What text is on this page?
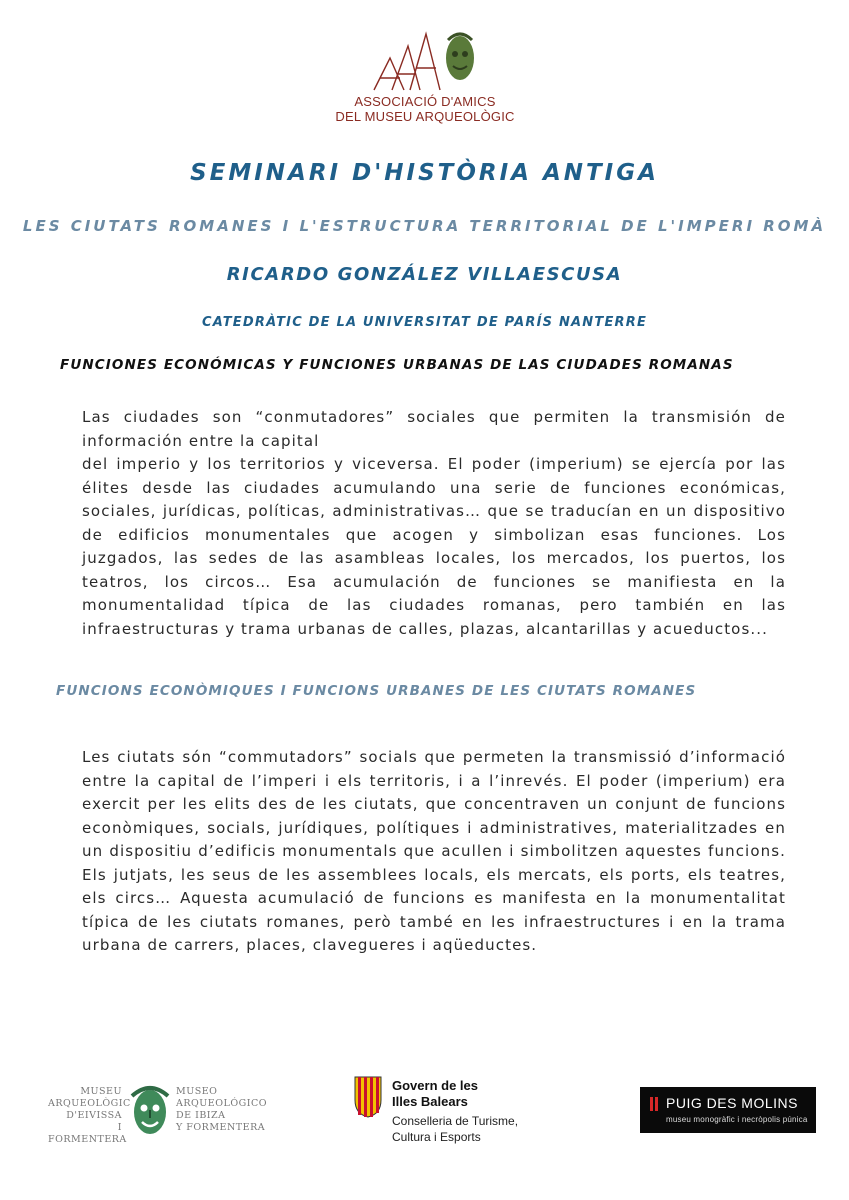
ASSOCIACIÓ D'AMICS
DEL MUSEU ARQUEOLÒGIC
SEMINARI D'HISTÒRIA ANTIGA
LES CIUTATS ROMANES I L'ESTRUCTURA TERRITORIAL DE L'IMPERI ROMÀ
RICARDO GONZÁLEZ VILLAESCUSA
CATEDRÀTIC DE LA UNIVERSITAT DE PARÍS NANTERRE
FUNCIONES ECONÓMICAS Y FUNCIONES URBANAS DE LAS CIUDADES ROMANAS
Las ciudades son “conmutadores” sociales que permiten la transmisión de información entre la capital
del imperio y los territorios y viceversa. El poder (imperium) se ejercía por las élites desde las ciudades acumulando una serie de funciones económicas, sociales, jurídicas, políticas, administrativas… que se traducían en un dispositivo de edificios monumentales que acogen y simbolizan esas funciones. Los juzgados, las sedes de las asambleas locales, los mercados, los puertos, los teatros, los circos… Esa acumulación de funciones se manifiesta en la monumentalidad típica de las ciudades romanas, pero también en las infraestructuras y trama urbanas de calles, plazas, alcantarillas y acueductos...
FUNCIONS ECONÒMIQUES I FUNCIONS URBANES DE LES CIUTATS ROMANES
Les ciutats són “commutadors” socials que permeten la transmissió d’informació entre la capital de l’imperi i els territoris, i a l’inrevés. El poder (imperium) era exercit per les elits des de les ciutats, que concentraven un conjunt de funcions econòmiques, socials, jurídiques, polítiques i administratives, materialitzades en un dispositiu d’edificis monumentals que acullen i simbolitzen aquestes funcions. Els jutjats, les seus de les assemblees locals, els mercats, els ports, els teatres, els circs… Aquesta acumulació de funcions es manifesta en la monumentalitat típica de les ciutats romanes, però també en les infraestructures i en la trama urbana de carrers, places, clavegueres i aqüeductes.
MUSEU
ARQUEOLÒGIC
D'EIVISSA
I FORMENTERA
MUSEO
ARQUEOLÓGICO
DE IBIZA
Y FORMENTERA
Govern de les
Illes Balears
Conselleria de Turisme,
Cultura i Esports
PUIG DES MOLINS
museu monogràfic i necròpolis púnica
